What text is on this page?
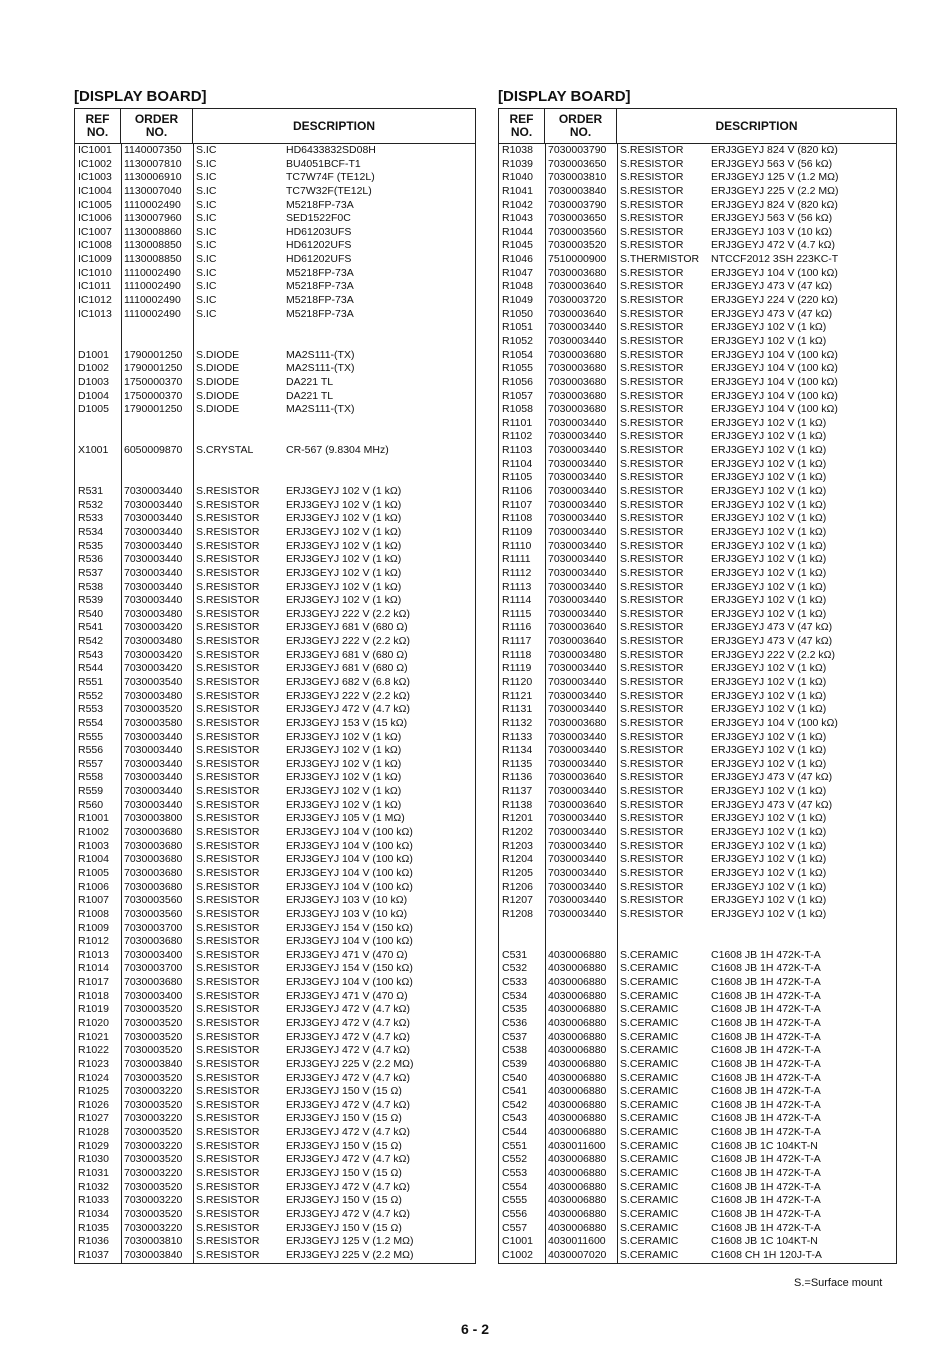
[DISPLAY BOARD]
REF
NO.
ORDER
NO.	DESCRIPTION
IC1001	1140007350	S.IC	HD6433832SD08H
IC1002	1130007810	S.IC	BU4051BCF-T1
IC1003	1130006910	S.IC	TC7W74F (TE12L)
IC1004	1130007040	S.IC	TC7W32F(TE12L)
IC1005	1110002490	S.IC	M5218FP-73A
IC1006	1130007960	S.IC	SED1522F0C
IC1007	1130008860	S.IC	HD61203UFS
IC1008	1130008850	S.IC	HD61202UFS
IC1009	1130008850	S.IC	HD61202UFS
IC1010	1110002490	S.IC	M5218FP-73A
IC1011	1110002490	S.IC	M5218FP-73A
IC1012	1110002490	S.IC	M5218FP-73A
IC1013	1110002490	S.IC	M5218FP-73A
D1001	1790001250	S.DIODE	MA2S111-(TX)
D1002	1790001250	S.DIODE	MA2S111-(TX)
D1003	1750000370	S.DIODE	DA221 TL
D1004	1750000370	S.DIODE	DA221 TL
D1005	1790001250	S.DIODE	MA2S111-(TX)
X1001	6050009870	S.CRYSTAL	CR-567 (9.8304 MHz)
R531	7030003440	S.RESISTOR	ERJ3GEYJ 102 V (1 kΩ)
R532	7030003440	S.RESISTOR	ERJ3GEYJ 102 V (1 kΩ)
R533	7030003440	S.RESISTOR	ERJ3GEYJ 102 V (1 kΩ)
R534	7030003440	S.RESISTOR	ERJ3GEYJ 102 V (1 kΩ)
R535	7030003440	S.RESISTOR	ERJ3GEYJ 102 V (1 kΩ)
R536	7030003440	S.RESISTOR	ERJ3GEYJ 102 V (1 kΩ)
R537	7030003440	S.RESISTOR	ERJ3GEYJ 102 V (1 kΩ)
R538	7030003440	S.RESISTOR	ERJ3GEYJ 102 V (1 kΩ)
R539	7030003440	S.RESISTOR	ERJ3GEYJ 102 V (1 kΩ)
R540	7030003480	S.RESISTOR	ERJ3GEYJ 222 V (2.2 kΩ)
R541	7030003420	S.RESISTOR	ERJ3GEYJ 681 V (680 Ω)
R542	7030003480	S.RESISTOR	ERJ3GEYJ 222 V (2.2 kΩ)
R543	7030003420	S.RESISTOR	ERJ3GEYJ 681 V (680 Ω)
R544	7030003420	S.RESISTOR	ERJ3GEYJ 681 V (680 Ω)
R551	7030003540	S.RESISTOR	ERJ3GEYJ 682 V (6.8 kΩ)
R552	7030003480	S.RESISTOR	ERJ3GEYJ 222 V (2.2 kΩ)
R553	7030003520	S.RESISTOR	ERJ3GEYJ 472 V (4.7 kΩ)
R554	7030003580	S.RESISTOR	ERJ3GEYJ 153 V (15 kΩ)
R555	7030003440	S.RESISTOR	ERJ3GEYJ 102 V (1 kΩ)
R556	7030003440	S.RESISTOR	ERJ3GEYJ 102 V (1 kΩ)
R557	7030003440	S.RESISTOR	ERJ3GEYJ 102 V (1 kΩ)
R558	7030003440	S.RESISTOR	ERJ3GEYJ 102 V (1 kΩ)
R559	7030003440	S.RESISTOR	ERJ3GEYJ 102 V (1 kΩ)
R560	7030003440	S.RESISTOR	ERJ3GEYJ 102 V (1 kΩ)
R1001	7030003800	S.RESISTOR	ERJ3GEYJ 105 V (1 MΩ)
R1002	7030003680	S.RESISTOR	ERJ3GEYJ 104 V (100 kΩ)
R1003	7030003680	S.RESISTOR	ERJ3GEYJ 104 V (100 kΩ)
R1004	7030003680	S.RESISTOR	ERJ3GEYJ 104 V (100 kΩ)
R1005	7030003680	S.RESISTOR	ERJ3GEYJ 104 V (100 kΩ)
R1006	7030003680	S.RESISTOR	ERJ3GEYJ 104 V (100 kΩ)
R1007	7030003560	S.RESISTOR	ERJ3GEYJ 103 V (10 kΩ)
R1008	7030003560	S.RESISTOR	ERJ3GEYJ 103 V (10 kΩ)
R1009	7030003700	S.RESISTOR	ERJ3GEYJ 154 V (150 kΩ)
R1012	7030003680	S.RESISTOR	ERJ3GEYJ 104 V (100 kΩ)
R1013	7030003400	S.RESISTOR	ERJ3GEYJ 471 V (470 Ω)
R1014	7030003700	S.RESISTOR	ERJ3GEYJ 154 V (150 kΩ)
R1017	7030003680	S.RESISTOR	ERJ3GEYJ 104 V (100 kΩ)
R1018	7030003400	S.RESISTOR	ERJ3GEYJ 471 V (470 Ω)
R1019	7030003520	S.RESISTOR	ERJ3GEYJ 472 V (4.7 kΩ)
R1020	7030003520	S.RESISTOR	ERJ3GEYJ 472 V (4.7 kΩ)
R1021	7030003520	S.RESISTOR	ERJ3GEYJ 472 V (4.7 kΩ)
R1022	7030003520	S.RESISTOR	ERJ3GEYJ 472 V (4.7 kΩ)
R1023	7030003840	S.RESISTOR	ERJ3GEYJ 225 V (2.2 MΩ)
R1024	7030003520	S.RESISTOR	ERJ3GEYJ 472 V (4.7 kΩ)
R1025	7030003220	S.RESISTOR	ERJ3GEYJ 150 V (15 Ω)
R1026	7030003520	S.RESISTOR	ERJ3GEYJ 472 V (4.7 kΩ)
R1027	7030003220	S.RESISTOR	ERJ3GEYJ 150 V (15 Ω)
R1028	7030003520	S.RESISTOR	ERJ3GEYJ 472 V (4.7 kΩ)
R1029	7030003220	S.RESISTOR	ERJ3GEYJ 150 V (15 Ω)
R1030	7030003520	S.RESISTOR	ERJ3GEYJ 472 V (4.7 kΩ)
R1031	7030003220	S.RESISTOR	ERJ3GEYJ 150 V (15 Ω)
R1032	7030003520	S.RESISTOR	ERJ3GEYJ 472 V (4.7 kΩ)
R1033	7030003220	S.RESISTOR	ERJ3GEYJ 150 V (15 Ω)
R1034	7030003520	S.RESISTOR	ERJ3GEYJ 472 V (4.7 kΩ)
R1035	7030003220	S.RESISTOR	ERJ3GEYJ 150 V (15 Ω)
R1036	7030003810	S.RESISTOR	ERJ3GEYJ 125 V (1.2 MΩ)
R1037	7030003840	S.RESISTOR	ERJ3GEYJ 225 V (2.2 MΩ)
[DISPLAY BOARD]
REF
NO.
ORDER
NO.	DESCRIPTION
R1038	7030003790	S.RESISTOR	ERJ3GEYJ 824 V (820 kΩ)
R1039	7030003650	S.RESISTOR	ERJ3GEYJ 563 V (56 kΩ)
R1040	7030003810	S.RESISTOR	ERJ3GEYJ 125 V (1.2 MΩ)
R1041	7030003840	S.RESISTOR	ERJ3GEYJ 225 V (2.2 MΩ)
R1042	7030003790	S.RESISTOR	ERJ3GEYJ 824 V (820 kΩ)
R1043	7030003650	S.RESISTOR	ERJ3GEYJ 563 V (56 kΩ)
R1044	7030003560	S.RESISTOR	ERJ3GEYJ 103 V (10 kΩ)
R1045	7030003520	S.RESISTOR	ERJ3GEYJ 472 V (4.7 kΩ)
R1046	7510000900	S.THERMISTOR	NTCCF2012 3SH 223KC-T
R1047	7030003680	S.RESISTOR	ERJ3GEYJ 104 V (100 kΩ)
R1048	7030003640	S.RESISTOR	ERJ3GEYJ 473 V (47 kΩ)
R1049	7030003720	S.RESISTOR	ERJ3GEYJ 224 V (220 kΩ)
R1050	7030003640	S.RESISTOR	ERJ3GEYJ 473 V (47 kΩ)
R1051	7030003440	S.RESISTOR	ERJ3GEYJ 102 V (1 kΩ)
R1052	7030003440	S.RESISTOR	ERJ3GEYJ 102 V (1 kΩ)
R1054	7030003680	S.RESISTOR	ERJ3GEYJ 104 V (100 kΩ)
R1055	7030003680	S.RESISTOR	ERJ3GEYJ 104 V (100 kΩ)
R1056	7030003680	S.RESISTOR	ERJ3GEYJ 104 V (100 kΩ)
R1057	7030003680	S.RESISTOR	ERJ3GEYJ 104 V (100 kΩ)
R1058	7030003680	S.RESISTOR	ERJ3GEYJ 104 V (100 kΩ)
R1101	7030003440	S.RESISTOR	ERJ3GEYJ 102 V (1 kΩ)
R1102	7030003440	S.RESISTOR	ERJ3GEYJ 102 V (1 kΩ)
R1103	7030003440	S.RESISTOR	ERJ3GEYJ 102 V (1 kΩ)
R1104	7030003440	S.RESISTOR	ERJ3GEYJ 102 V (1 kΩ)
R1105	7030003440	S.RESISTOR	ERJ3GEYJ 102 V (1 kΩ)
R1106	7030003440	S.RESISTOR	ERJ3GEYJ 102 V (1 kΩ)
R1107	7030003440	S.RESISTOR	ERJ3GEYJ 102 V (1 kΩ)
R1108	7030003440	S.RESISTOR	ERJ3GEYJ 102 V (1 kΩ)
R1109	7030003440	S.RESISTOR	ERJ3GEYJ 102 V (1 kΩ)
R1110	7030003440	S.RESISTOR	ERJ3GEYJ 102 V (1 kΩ)
R1111	7030003440	S.RESISTOR	ERJ3GEYJ 102 V (1 kΩ)
R1112	7030003440	S.RESISTOR	ERJ3GEYJ 102 V (1 kΩ)
R1113	7030003440	S.RESISTOR	ERJ3GEYJ 102 V (1 kΩ)
R1114	7030003440	S.RESISTOR	ERJ3GEYJ 102 V (1 kΩ)
R1115	7030003440	S.RESISTOR	ERJ3GEYJ 102 V (1 kΩ)
R1116	7030003640	S.RESISTOR	ERJ3GEYJ 473 V (47 kΩ)
R1117	7030003640	S.RESISTOR	ERJ3GEYJ 473 V (47 kΩ)
R1118	7030003480	S.RESISTOR	ERJ3GEYJ 222 V (2.2 kΩ)
R1119	7030003440	S.RESISTOR	ERJ3GEYJ 102 V (1 kΩ)
R1120	7030003440	S.RESISTOR	ERJ3GEYJ 102 V (1 kΩ)
R1121	7030003440	S.RESISTOR	ERJ3GEYJ 102 V (1 kΩ)
R1131	7030003440	S.RESISTOR	ERJ3GEYJ 102 V (1 kΩ)
R1132	7030003680	S.RESISTOR	ERJ3GEYJ 104 V (100 kΩ)
R1133	7030003440	S.RESISTOR	ERJ3GEYJ 102 V (1 kΩ)
R1134	7030003440	S.RESISTOR	ERJ3GEYJ 102 V (1 kΩ)
R1135	7030003440	S.RESISTOR	ERJ3GEYJ 102 V (1 kΩ)
R1136	7030003640	S.RESISTOR	ERJ3GEYJ 473 V (47 kΩ)
R1137	7030003440	S.RESISTOR	ERJ3GEYJ 102 V (1 kΩ)
R1138	7030003640	S.RESISTOR	ERJ3GEYJ 473 V (47 kΩ)
R1201	7030003440	S.RESISTOR	ERJ3GEYJ 102 V (1 kΩ)
R1202	7030003440	S.RESISTOR	ERJ3GEYJ 102 V (1 kΩ)
R1203	7030003440	S.RESISTOR	ERJ3GEYJ 102 V (1 kΩ)
R1204	7030003440	S.RESISTOR	ERJ3GEYJ 102 V (1 kΩ)
R1205	7030003440	S.RESISTOR	ERJ3GEYJ 102 V (1 kΩ)
R1206	7030003440	S.RESISTOR	ERJ3GEYJ 102 V (1 kΩ)
R1207	7030003440	S.RESISTOR	ERJ3GEYJ 102 V (1 kΩ)
R1208	7030003440	S.RESISTOR	ERJ3GEYJ 102 V (1 kΩ)
C531	4030006880	S.CERAMIC	C1608 JB 1H 472K-T-A
C532	4030006880	S.CERAMIC	C1608 JB 1H 472K-T-A
C533	4030006880	S.CERAMIC	C1608 JB 1H 472K-T-A
C534	4030006880	S.CERAMIC	C1608 JB 1H 472K-T-A
C535	4030006880	S.CERAMIC	C1608 JB 1H 472K-T-A
C536	4030006880	S.CERAMIC	C1608 JB 1H 472K-T-A
C537	4030006880	S.CERAMIC	C1608 JB 1H 472K-T-A
C538	4030006880	S.CERAMIC	C1608 JB 1H 472K-T-A
C539	4030006880	S.CERAMIC	C1608 JB 1H 472K-T-A
C540	4030006880	S.CERAMIC	C1608 JB 1H 472K-T-A
C541	4030006880	S.CERAMIC	C1608 JB 1H 472K-T-A
C542	4030006880	S.CERAMIC	C1608 JB 1H 472K-T-A
C543	4030006880	S.CERAMIC	C1608 JB 1H 472K-T-A
C544	4030006880	S.CERAMIC	C1608 JB 1H 472K-T-A
C551	4030011600	S.CERAMIC	C1608 JB 1C 104KT-N
C552	4030006880	S.CERAMIC	C1608 JB 1H 472K-T-A
C553	4030006880	S.CERAMIC	C1608 JB 1H 472K-T-A
C554	4030006880	S.CERAMIC	C1608 JB 1H 472K-T-A
C555	4030006880	S.CERAMIC	C1608 JB 1H 472K-T-A
C556	4030006880	S.CERAMIC	C1608 JB 1H 472K-T-A
C557	4030006880	S.CERAMIC	C1608 JB 1H 472K-T-A
C1001	4030011600	S.CERAMIC	C1608 JB 1C 104KT-N
C1002	4030007020	S.CERAMIC	C1608 CH 1H 120J-T-A
S.=Surface mount
6 - 2
